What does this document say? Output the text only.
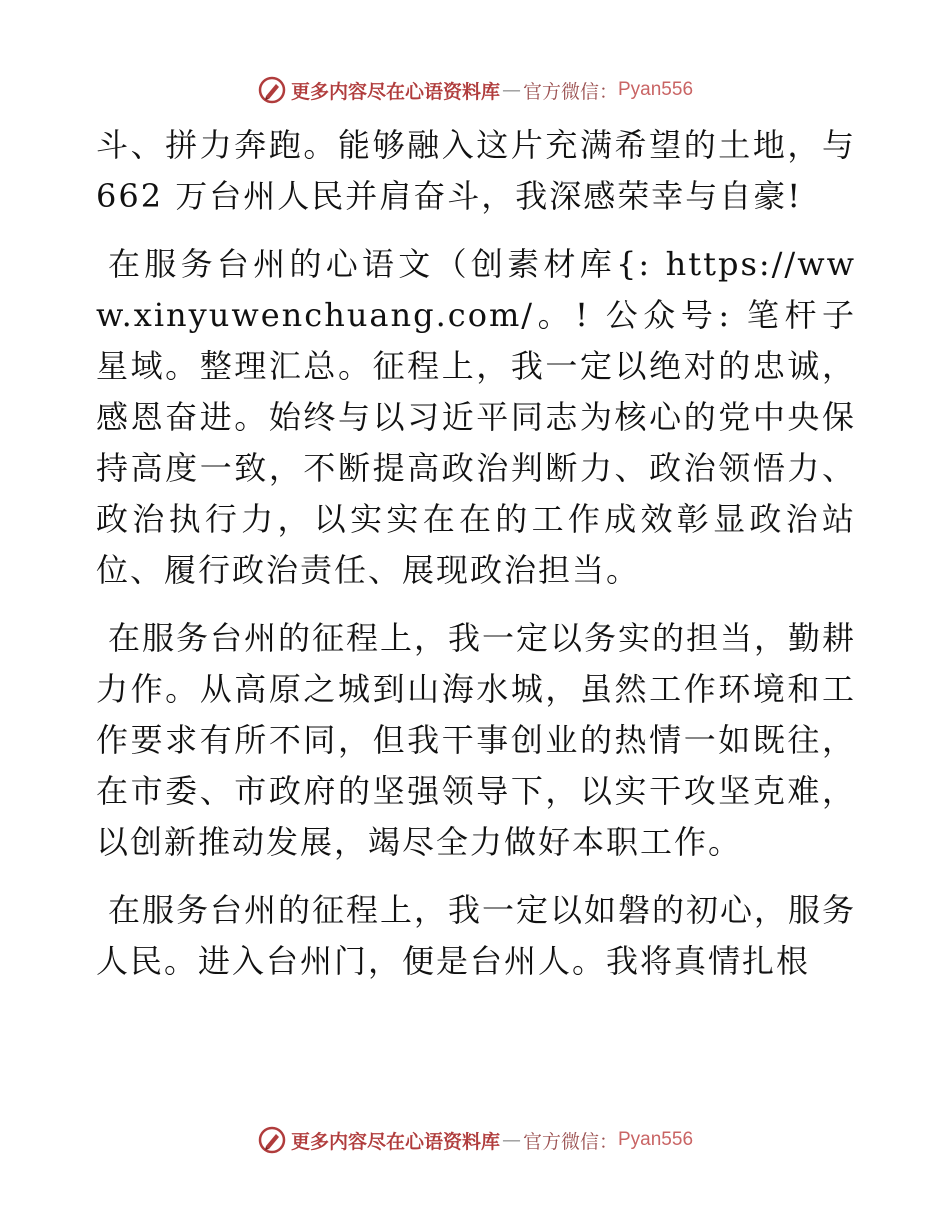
更多内容尽在心语资料库 — 官方微信： Pyan556

斗、拼力奔跑。能够融入这片充满希望的土地，与662 万台州人民并肩奋斗，我深感荣幸与自豪!

在服务台州的心语文（创素材库{: https://www.xinyuwenchuang.com/。! 公众号: 笔杆子星域。整理汇总。征程上，我一定以绝对的忠诚，感恩奋进。始终与以习近平同志为核心的党中央保持高度一致，不断提高政治判断力、政治领悟力、政治执行力，以实实在在的工作成效彰显政治站位、履行政治责任、展现政治担当。

在服务台州的征程上，我一定以务实的担当，勤耕力作。从高原之城到山海水城，虽然工作环境和工作要求有所不同，但我干事创业的热情一如既往，在市委、市政府的坚强领导下，以实干攻坚克难，以创新推动发展，竭尽全力做好本职工作。

在服务台州的征程上，我一定以如磐的初心，服务人民。进入台州门，便是台州人。我将真情扎根

更多内容尽在心语资料库 — 官方微信： Pyan556
